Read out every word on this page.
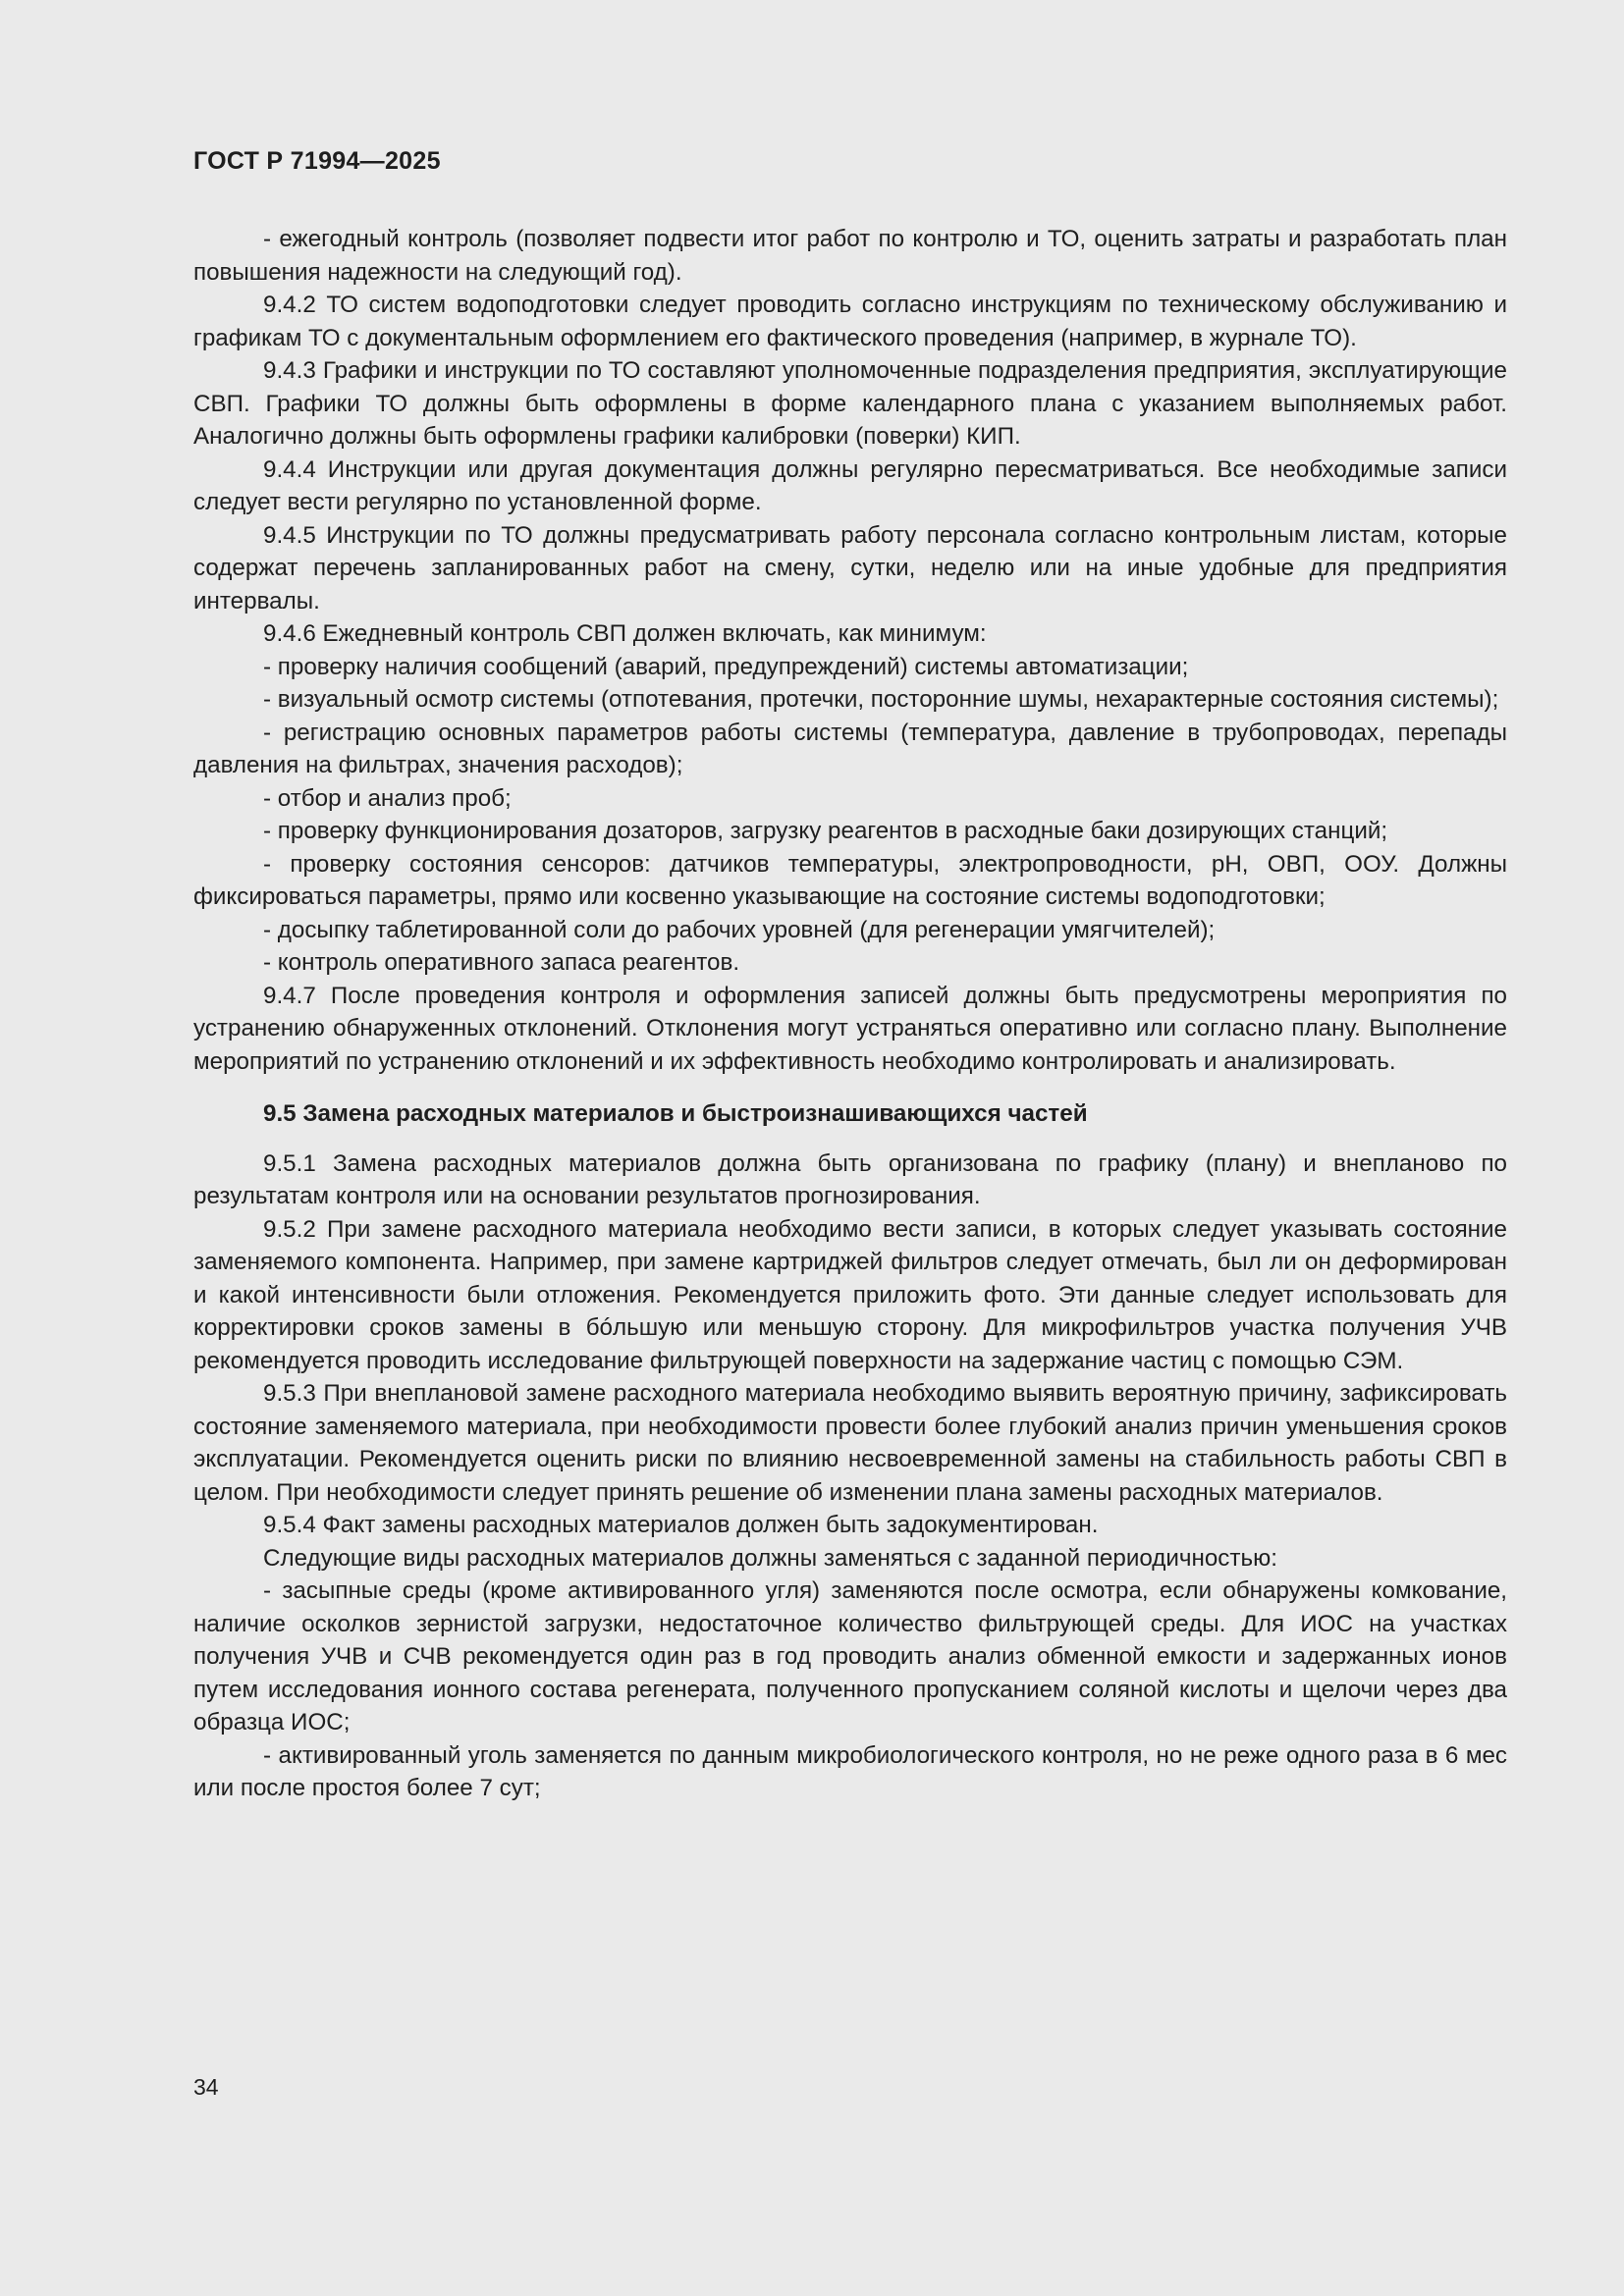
ГОСТ Р 71994—2025

- ежегодный контроль (позволяет подвести итог работ по контролю и ТО, оценить затраты и разработать план повышения надежности на следующий год).

9.4.2 ТО систем водоподготовки следует проводить согласно инструкциям по техническому обслуживанию и графикам ТО с документальным оформлением его фактического проведения (например, в журнале ТО).

9.4.3 Графики и инструкции по ТО составляют уполномоченные подразделения предприятия, эксплуатирующие СВП. Графики ТО должны быть оформлены в форме календарного плана с указанием выполняемых работ. Аналогично должны быть оформлены графики калибровки (поверки) КИП.

9.4.4 Инструкции или другая документация должны регулярно пересматриваться. Все необходимые записи следует вести регулярно по установленной форме.

9.4.5 Инструкции по ТО должны предусматривать работу персонала согласно контрольным листам, которые содержат перечень запланированных работ на смену, сутки, неделю или на иные удобные для предприятия интервалы.

9.4.6 Ежедневный контроль СВП должен включать, как минимум:

- проверку наличия сообщений (аварий, предупреждений) системы автоматизации;

- визуальный осмотр системы (отпотевания, протечки, посторонние шумы, нехарактерные состояния системы);

- регистрацию основных параметров работы системы (температура, давление в трубопроводах, перепады давления на фильтрах, значения расходов);

- отбор и анализ проб;

- проверку функционирования дозаторов, загрузку реагентов в расходные баки дозирующих станций;

- проверку состояния сенсоров: датчиков температуры, электропроводности, pH, ОВП, ООУ. Должны фиксироваться параметры, прямо или косвенно указывающие на состояние системы водоподготовки;

- досыпку таблетированной соли до рабочих уровней (для регенерации умягчителей);

- контроль оперативного запаса реагентов.

9.4.7 После проведения контроля и оформления записей должны быть предусмотрены мероприятия по устранению обнаруженных отклонений. Отклонения могут устраняться оперативно или согласно плану. Выполнение мероприятий по устранению отклонений и их эффективность необходимо контролировать и анализировать.

9.5 Замена расходных материалов и быстроизнашивающихся частей

9.5.1 Замена расходных материалов должна быть организована по графику (плану) и внепланово по результатам контроля или на основании результатов прогнозирования.

9.5.2 При замене расходного материала необходимо вести записи, в которых следует указывать состояние заменяемого компонента. Например, при замене картриджей фильтров следует отмечать, был ли он деформирован и какой интенсивности были отложения. Рекомендуется приложить фото. Эти данные следует использовать для корректировки сроков замены в бóльшую или меньшую сторону. Для микрофильтров участка получения УЧВ рекомендуется проводить исследование фильтрующей поверхности на задержание частиц с помощью СЭМ.

9.5.3 При внеплановой замене расходного материала необходимо выявить вероятную причину, зафиксировать состояние заменяемого материала, при необходимости провести более глубокий анализ причин уменьшения сроков эксплуатации. Рекомендуется оценить риски по влиянию несвоевременной замены на стабильность работы СВП в целом. При необходимости следует принять решение об изменении плана замены расходных материалов.

9.5.4 Факт замены расходных материалов должен быть задокументирован.

Следующие виды расходных материалов должны заменяться с заданной периодичностью:

- засыпные среды (кроме активированного угля) заменяются после осмотра, если обнаружены комкование, наличие осколков зернистой загрузки, недостаточное количество фильтрующей среды. Для ИОС на участках получения УЧВ и СЧВ рекомендуется один раз в год проводить анализ обменной емкости и задержанных ионов путем исследования ионного состава регенерата, полученного пропусканием соляной кислоты и щелочи через два образца ИОС;

- активированный уголь заменяется по данным микробиологического контроля, но не реже одного раза в 6 мес или после простоя более 7 сут;

34
